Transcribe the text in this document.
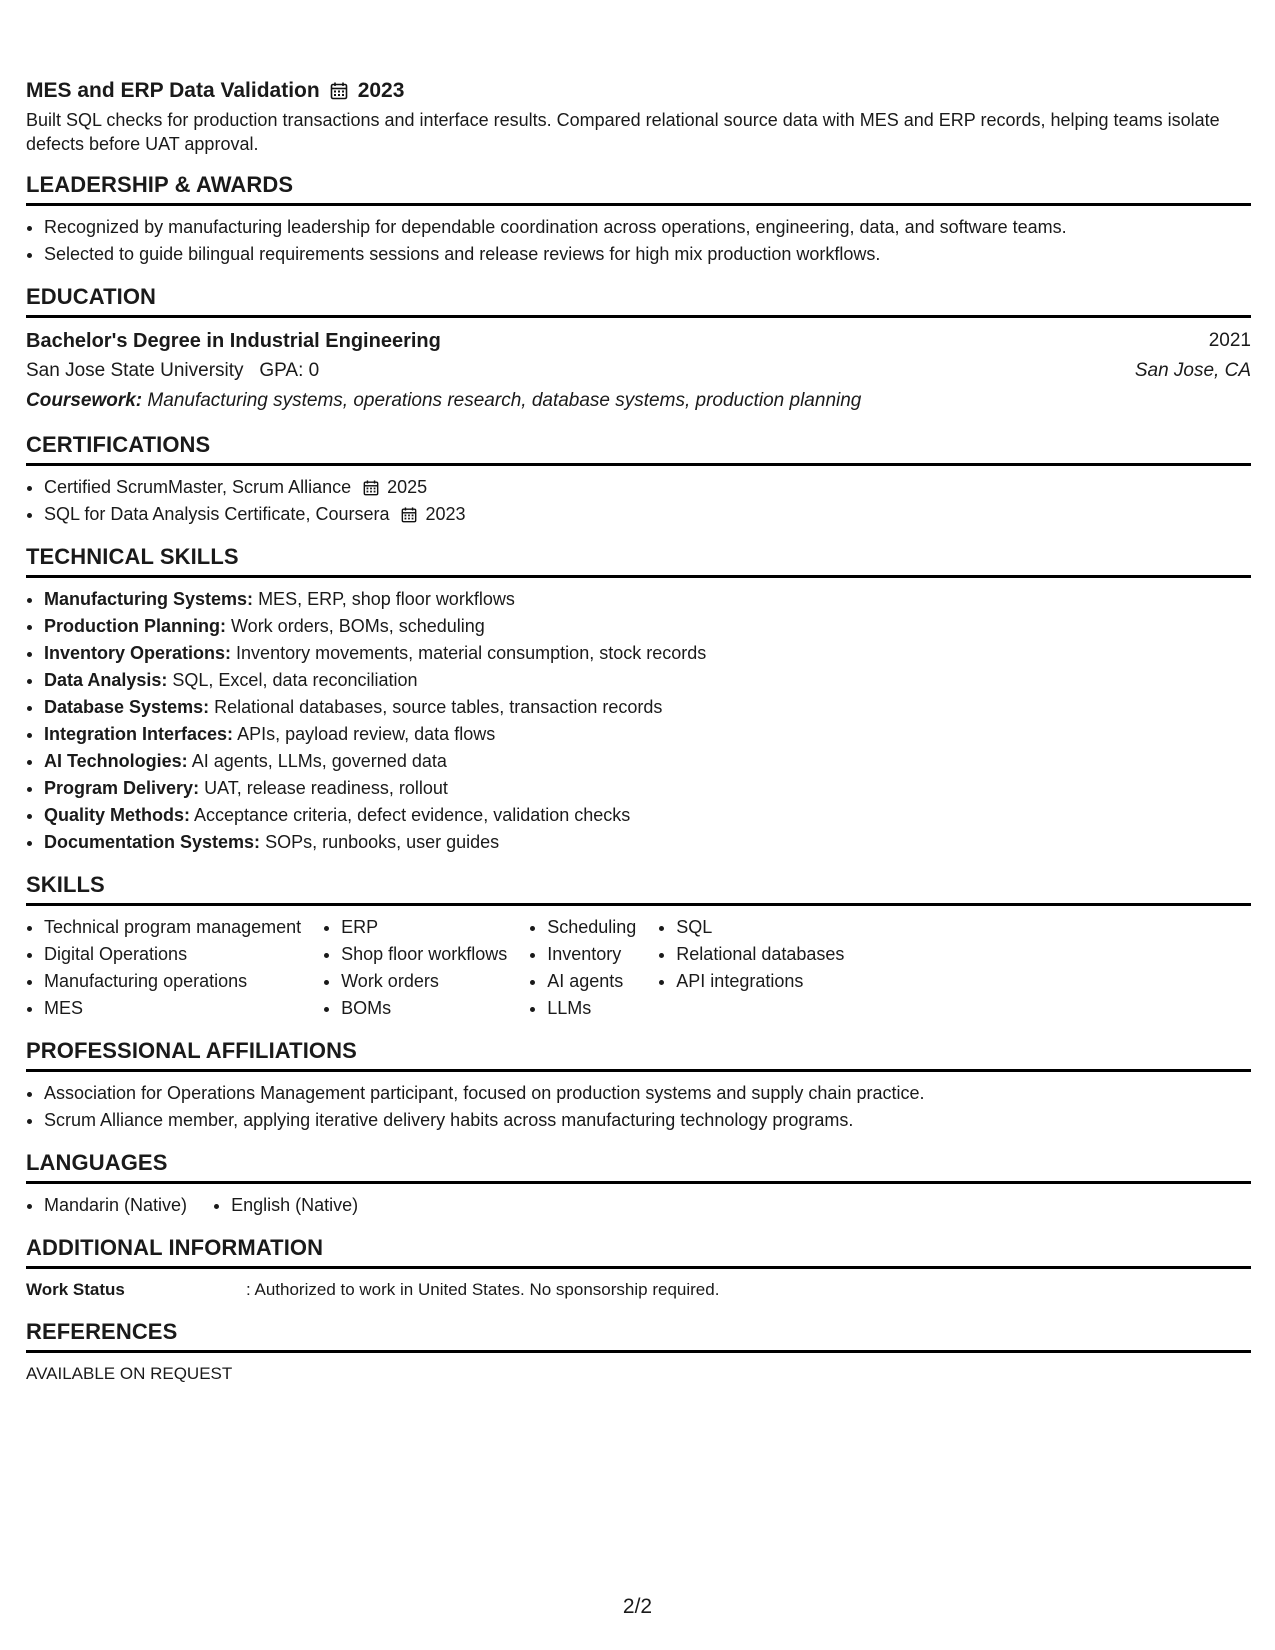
MES and ERP Data Validation 2023

Built SQL checks for production transactions and interface results. Compared relational source data with MES and ERP records, helping teams isolate defects before UAT approval.

LEADERSHIP & AWARDS
• Recognized by manufacturing leadership for dependable coordination across operations, engineering, data, and software teams.
• Selected to guide bilingual requirements sessions and release reviews for high mix production workflows.
EDUCATION
Bachelor's Degree in Industrial Engineering	2021
San Jose State University GPA: 0	San Jose, CA
Coursework: Manufacturing systems, operations research, database systems, production planning
CERTIFICATIONS
• Certified ScrumMaster, Scrum Alliance 2025
• SQL for Data Analysis Certificate, Coursera 2023
TECHNICAL SKILLS
• Manufacturing Systems: MES, ERP, shop floor workflows
• Production Planning: Work orders, BOMs, scheduling
• Inventory Operations: Inventory movements, material consumption, stock records
• Data Analysis: SQL, Excel, data reconciliation
• Database Systems: Relational databases, source tables, transaction records
• Integration Interfaces: APIs, payload review, data flows
• AI Technologies: AI agents, LLMs, governed data
• Program Delivery: UAT, release readiness, rollout
• Quality Methods: Acceptance criteria, defect evidence, validation checks
• Documentation Systems: SOPs, runbooks, user guides
SKILLS
• Technical program management
• Digital Operations
• Manufacturing operations
• MES
• ERP
• Shop floor workflows
• Work orders
• BOMs
• Scheduling
• Inventory
• AI agents
• LLMs
• SQL
• Relational databases
• API integrations
PROFESSIONAL AFFILIATIONS
• Association for Operations Management participant, focused on production systems and supply chain practice.
• Scrum Alliance member, applying iterative delivery habits across manufacturing technology programs.
LANGUAGES
• Mandarin (Native)
• English (Native)
ADDITIONAL INFORMATION
Work Status	: Authorized to work in United States. No sponsorship required.
REFERENCES
AVAILABLE ON REQUEST
2/2
